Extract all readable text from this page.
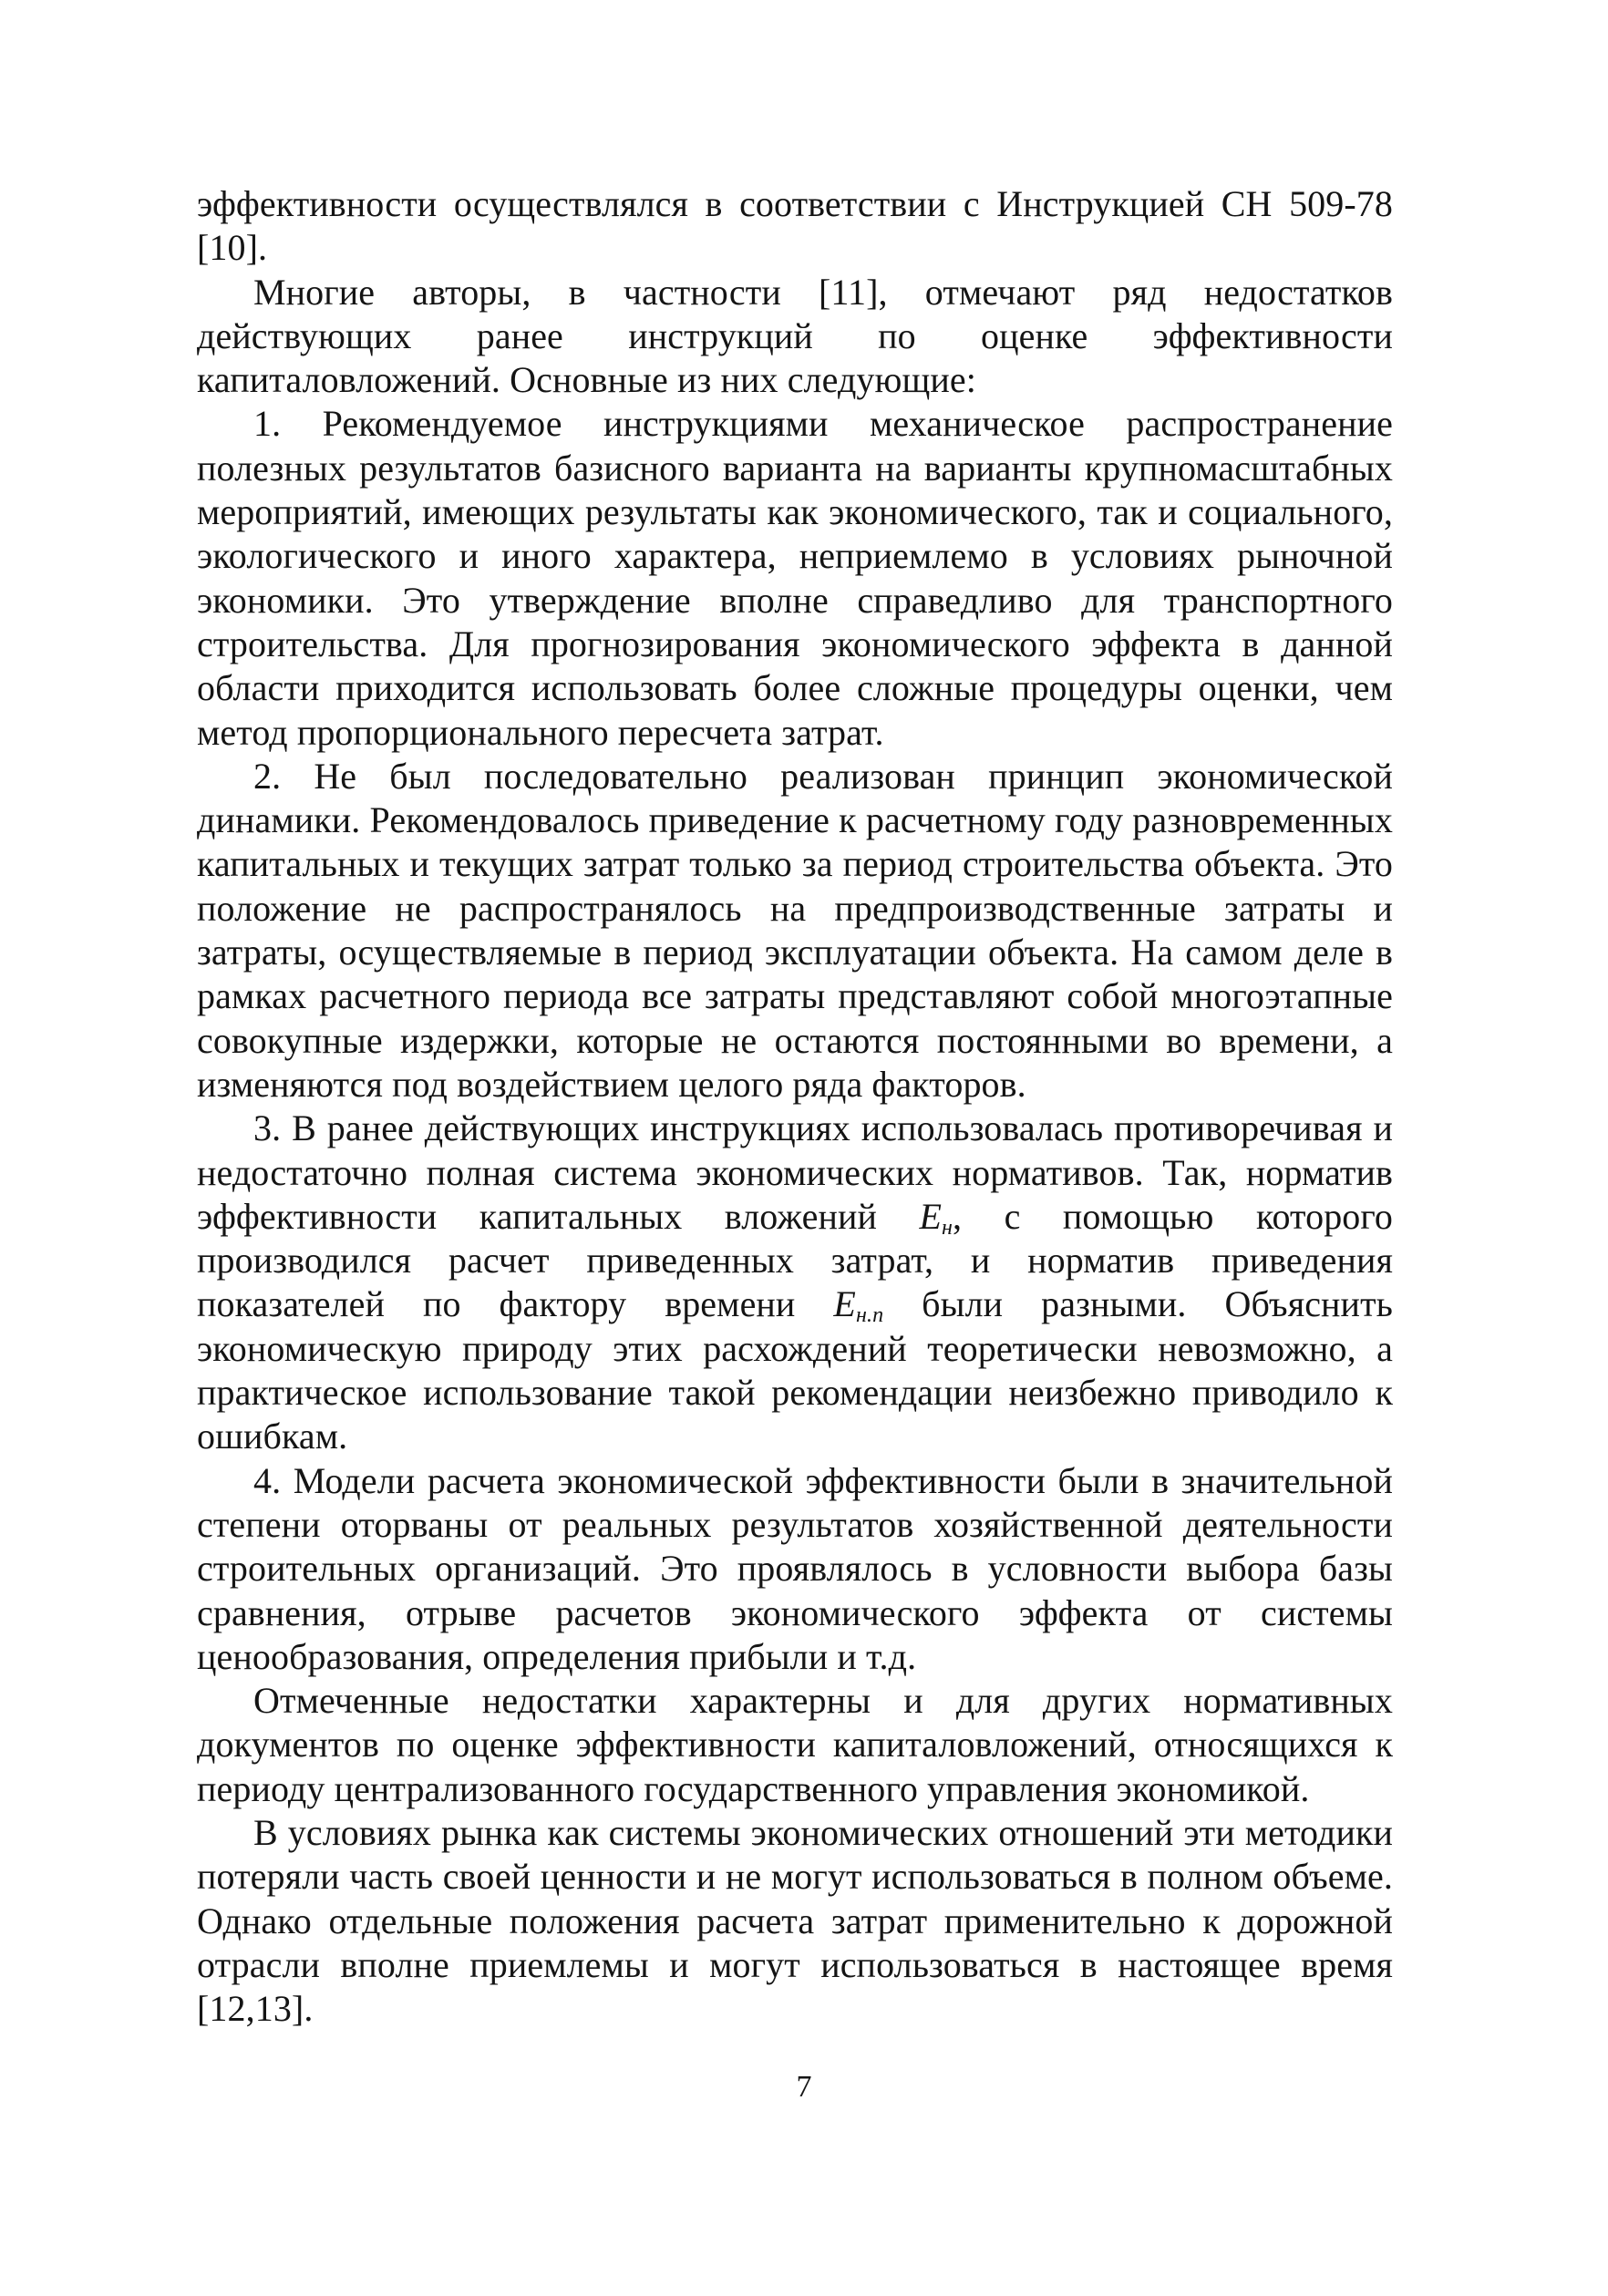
эффективности осуществлялся в соответствии с Инструкцией СН 509-78 [10].

Многие авторы, в частности [11], отмечают ряд недостатков действующих ранее инструкций по оценке эффективности капиталовложений. Основные из них следующие:

1. Рекомендуемое инструкциями механическое распространение полезных результатов базисного варианта на варианты крупномасштабных мероприятий, имеющих результаты как экономического, так и социального, экологического и иного характера, неприемлемо в условиях рыночной экономики. Это утверждение вполне справедливо для транспортного строительства. Для прогнозирования экономического эффекта в данной области приходится использовать более сложные процедуры оценки, чем метод пропорционального пересчета затрат.

2. Не был последовательно реализован принцип экономической динамики. Рекомендовалось приведение к расчетному году разновременных капитальных и текущих затрат только за период строительства объекта. Это положение не распространялось на предпроизводственные затраты и затраты, осуществляемые в период эксплуатации объекта. На самом деле в рамках расчетного периода все затраты представляют собой многоэтапные совокупные издержки, которые не остаются постоянными во времени, а изменяются под воздействием целого ряда факторов.

3. В ранее действующих инструкциях использовалась противоречивая и недостаточно полная система экономических нормативов. Так, норматив эффективности капитальных вложений $E_н$, с помощью которого производился расчет приведенных затрат, и норматив приведения показателей по фактору времени $E_{н.п}$ были разными. Объяснить экономическую природу этих расхождений теоретически невозможно, а практическое использование такой рекомендации неизбежно приводило к ошибкам.

4. Модели расчета экономической эффективности были в значительной степени оторваны от реальных результатов хозяйственной деятельности строительных организаций. Это проявлялось в условности выбора базы сравнения, отрыве расчетов экономического эффекта от системы ценообразования, определения прибыли и т.д.

Отмеченные недостатки характерны и для других нормативных документов по оценке эффективности капиталовложений, относящихся к периоду централизованного государственного управления экономикой.

В условиях рынка как системы экономических отношений эти методики потеряли часть своей ценности и не могут использоваться в полном объеме. Однако отдельные положения расчета затрат применительно к дорожной отрасли вполне приемлемы и могут использоваться в настоящее время [12,13].

7
